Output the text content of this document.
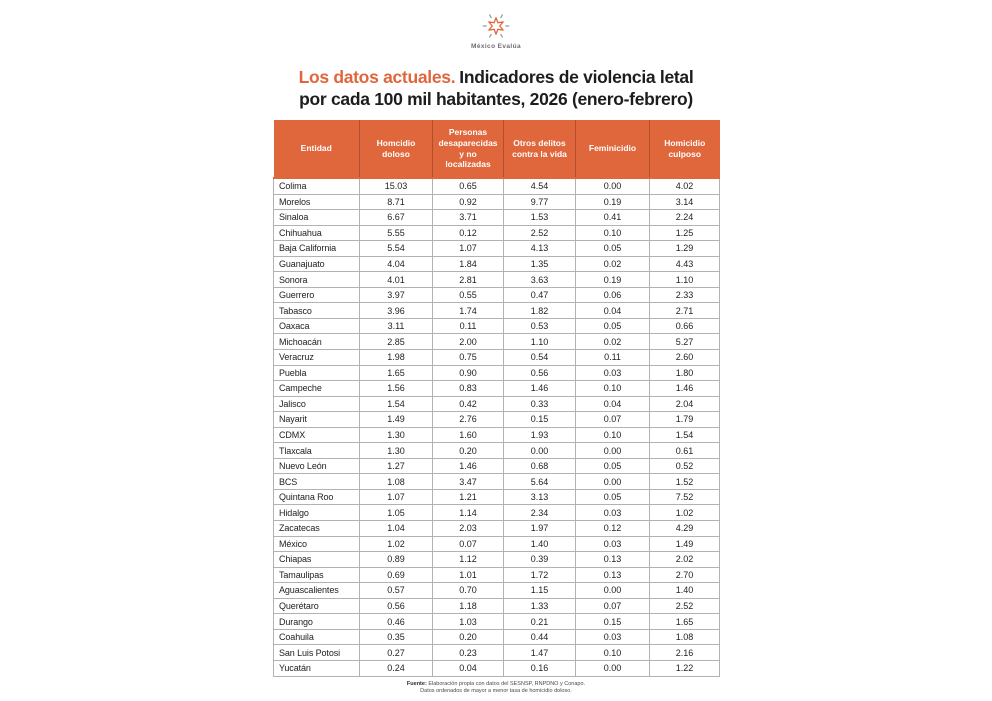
México Evalúa
Los datos actuales. Indicadores de violencia letal
por cada 100 mil habitantes, 2026 (enero-febrero)
Entidad	Homcidio doloso	Personas desaparecidas y no localizadas	Otros delitos contra la vida	Feminicidio	Homicidio culposo
Colima	15.03	0.65	4.54	0.00	4.02
Morelos	8.71	0.92	9.77	0.19	3.14
Sinaloa	6.67	3.71	1.53	0.41	2.24
Chihuahua	5.55	0.12	2.52	0.10	1.25
Baja California	5.54	1.07	4.13	0.05	1.29
Guanajuato	4.04	1.84	1.35	0.02	4.43
Sonora	4.01	2.81	3.63	0.19	1.10
Guerrero	3.97	0.55	0.47	0.06	2.33
Tabasco	3.96	1.74	1.82	0.04	2.71
Oaxaca	3.11	0.11	0.53	0.05	0.66
Michoacán	2.85	2.00	1.10	0.02	5.27
Veracruz	1.98	0.75	0.54	0.11	2.60
Puebla	1.65	0.90	0.56	0.03	1.80
Campeche	1.56	0.83	1.46	0.10	1.46
Jalisco	1.54	0.42	0.33	0.04	2.04
Nayarit	1.49	2.76	0.15	0.07	1.79
CDMX	1.30	1.60	1.93	0.10	1.54
Tlaxcala	1.30	0.20	0.00	0.00	0.61
Nuevo León	1.27	1.46	0.68	0.05	0.52
BCS	1.08	3.47	5.64	0.00	1.52
Quintana Roo	1.07	1.21	3.13	0.05	7.52
Hidalgo	1.05	1.14	2.34	0.03	1.02
Zacatecas	1.04	2.03	1.97	0.12	4.29
México	1.02	0.07	1.40	0.03	1.49
Chiapas	0.89	1.12	0.39	0.13	2.02
Tamaulipas	0.69	1.01	1.72	0.13	2.70
Aguascalientes	0.57	0.70	1.15	0.00	1.40
Querétaro	0.56	1.18	1.33	0.07	2.52
Durango	0.46	1.03	0.21	0.15	1.65
Coahuila	0.35	0.20	0.44	0.03	1.08
San Luis Potosi	0.27	0.23	1.47	0.10	2.16
Yucatán	0.24	0.04	0.16	0.00	1.22
Fuente: Elaboración propia con datos del SESNSP, RNPDNO y Conapo.
Datos ordenados de mayor a menor tasa de homicidio doloso.
